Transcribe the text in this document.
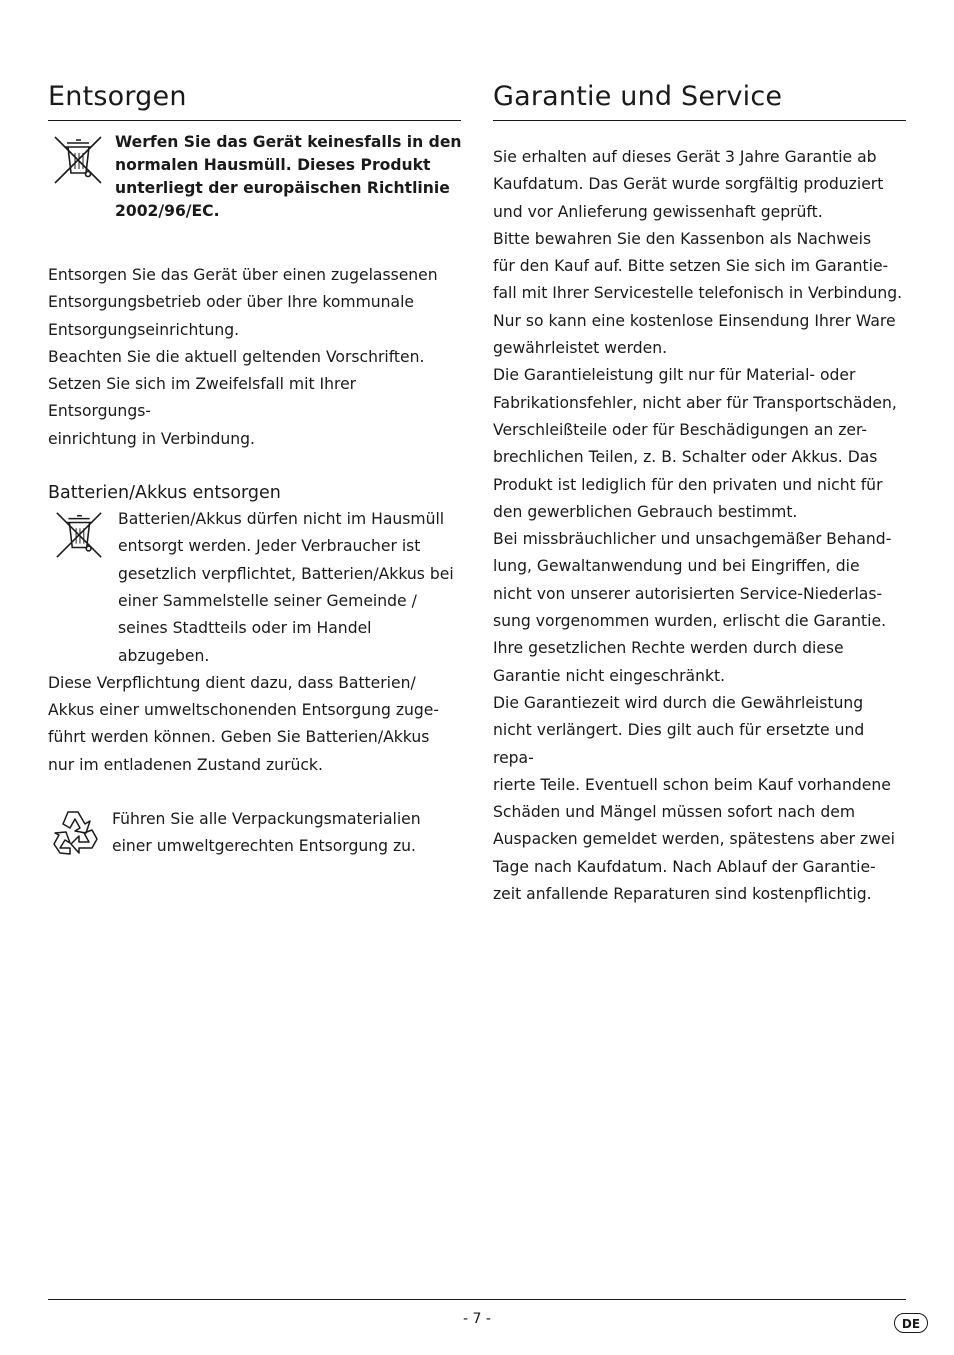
Entsorgen
Werfen Sie das Gerät keinesfalls in den
normalen Hausmüll. Dieses Produkt
unterliegt der europäischen Richtlinie
2002/96/EC.
Entsorgen Sie das Gerät über einen zugelassenen
Entsorgungsbetrieb oder über Ihre kommunale
Entsorgungseinrichtung.
Beachten Sie die aktuell geltenden Vorschriften.
Setzen Sie sich im Zweifelsfall mit Ihrer Entsorgungs-
einrichtung in Verbindung.
Batterien/Akkus entsorgen
Batterien/Akkus dürfen nicht im Hausmüll
entsorgt werden. Jeder Verbraucher ist
gesetzlich verpflichtet, Batterien/Akkus bei
einer Sammelstelle seiner Gemeinde /
seines Stadtteils oder im Handel
abzugeben.
Diese Verpflichtung dient dazu, dass Batterien/
Akkus einer umweltschonenden Entsorgung zuge-
führt werden können. Geben Sie Batterien/Akkus
nur im entladenen Zustand zurück.
Führen Sie alle Verpackungsmaterialien
einer umweltgerechten Entsorgung zu.
Garantie und Service
Sie erhalten auf dieses Gerät 3 Jahre Garantie ab
Kaufdatum. Das Gerät wurde sorgfältig produziert
und vor Anlieferung gewissenhaft geprüft.
Bitte bewahren Sie den Kassenbon als Nachweis
für den Kauf auf. Bitte setzen Sie sich im Garantie-
fall mit Ihrer Servicestelle telefonisch in Verbindung.
Nur so kann eine kostenlose Einsendung Ihrer Ware
gewährleistet werden.
Die Garantieleistung gilt nur für Material- oder
Fabrikationsfehler, nicht aber für Transportschäden,
Verschleißteile oder für Beschädigungen an zer-
brechlichen Teilen, z. B. Schalter oder Akkus. Das
Produkt ist lediglich für den privaten und nicht für
den gewerblichen Gebrauch bestimmt.
Bei missbräuchlicher und unsachgemäßer Behand-
lung, Gewaltanwendung und bei Eingriffen, die
nicht von unserer autorisierten Service-Niederlas-
sung vorgenommen wurden, erlischt die Garantie.
Ihre gesetzlichen Rechte werden durch diese
Garantie nicht eingeschränkt.
Die Garantiezeit wird durch die Gewährleistung
nicht verlängert. Dies gilt auch für ersetzte und repa-
rierte Teile. Eventuell schon beim Kauf vorhandene
Schäden und Mängel müssen sofort nach dem
Auspacken gemeldet werden, spätestens aber zwei
Tage nach Kaufdatum. Nach Ablauf der Garantie-
zeit anfallende Reparaturen sind kostenpflichtig.
- 7 -	DE
